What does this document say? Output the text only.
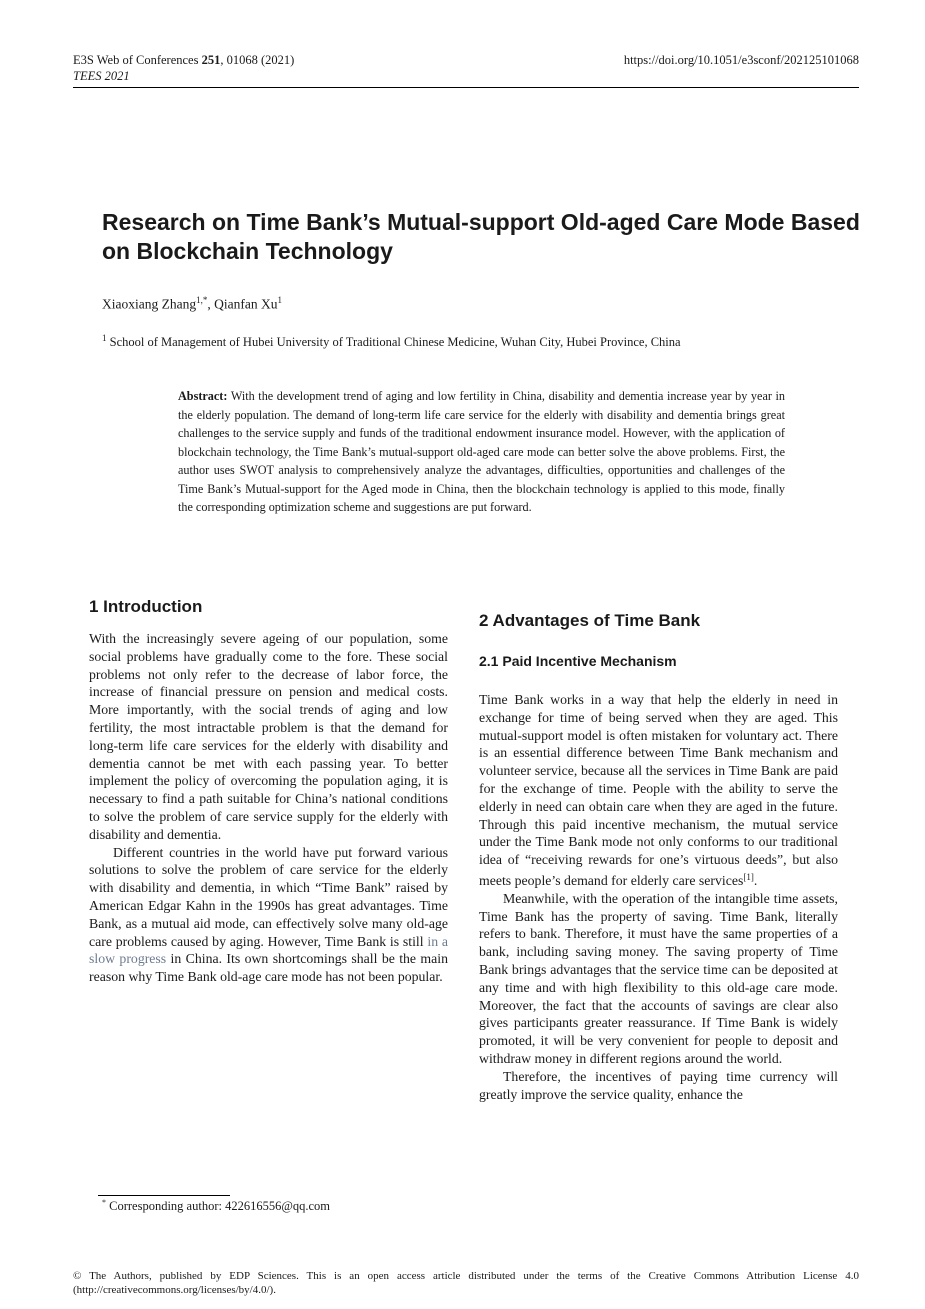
E3S Web of Conferences 251, 01068 (2021)
TEES 2021
https://doi.org/10.1051/e3sconf/202125101068
Research on Time Bank’s Mutual-support Old-aged Care Mode Based on Blockchain Technology
Xiaoxiang Zhang$^{1,*}$, Qianfan Xu$^1$
$^1$ School of Management of Hubei University of Traditional Chinese Medicine, Wuhan City, Hubei Province, China

Abstract: With the development trend of aging and low fertility in China, disability and dementia increase year by year in the elderly population. The demand of long-term life care service for the elderly with disability and dementia brings great challenges to the service supply and funds of the traditional endowment insurance model. However, with the application of blockchain technology, the Time Bank’s mutual-support old-aged care mode can better solve the above problems. First, the author uses SWOT analysis to comprehensively analyze the advantages, difficulties, opportunities and challenges of the Time Bank’s Mutual-support for the Aged mode in China, then the blockchain technology is applied to this mode, finally the corresponding optimization scheme and suggestions are put forward.

1 Introduction

With the increasingly severe ageing of our population, some social problems have gradually come to the fore. These social problems not only refer to the decrease of labor force, the increase of financial pressure on pension and medical costs. More importantly, with the social trends of aging and low fertility, the most intractable problem is that the demand for long-term life care services for the elderly with disability and dementia cannot be met with each passing year. To better implement the policy of overcoming the population aging, it is necessary to find a path suitable for China’s national conditions to solve the problem of care service supply for the elderly with disability and dementia.

Different countries in the world have put forward various solutions to solve the problem of care service for the elderly with disability and dementia, in which “Time Bank” raised by American Edgar Kahn in the 1990s has great advantages. Time Bank, as a mutual aid mode, can effectively solve many old-age care problems caused by aging. However, Time Bank is still in a slow progress in China. Its own shortcomings shall be the main reason why Time Bank old-age care mode has not been popular.

2 Advantages of Time Bank
2.1 Paid Incentive Mechanism

Time Bank works in a way that help the elderly in need in exchange for time of being served when they are aged. This mutual-support model is often mistaken for voluntary act. There is an essential difference between Time Bank mechanism and volunteer service, because all the services in Time Bank are paid for the exchange of time. People with the ability to serve the elderly in need can obtain care when they are aged in the future. Through this paid incentive mechanism, the mutual service under the Time Bank mode not only conforms to our traditional idea of “receiving rewards for one’s virtuous deeds”, but also meets people’s demand for elderly care services[1].

Meanwhile, with the operation of the intangible time assets, Time Bank has the property of saving. Time Bank, literally refers to bank. Therefore, it must have the same properties of a bank, including saving money. The saving property of Time Bank brings advantages that the service time can be deposited at any time and with high flexibility to this old-age care mode. Moreover, the fact that the accounts of savings are clear also gives participants greater reassurance. If Time Bank is widely promoted, it will be very convenient for people to deposit and withdraw money in different regions around the world.

Therefore, the incentives of paying time currency will greatly improve the service quality, enhance the

* Corresponding author: 422616556@qq.com

© The Authors, published by EDP Sciences. This is an open access article distributed under the terms of the Creative Commons Attribution License 4.0 (http://creativecommons.org/licenses/by/4.0/).
